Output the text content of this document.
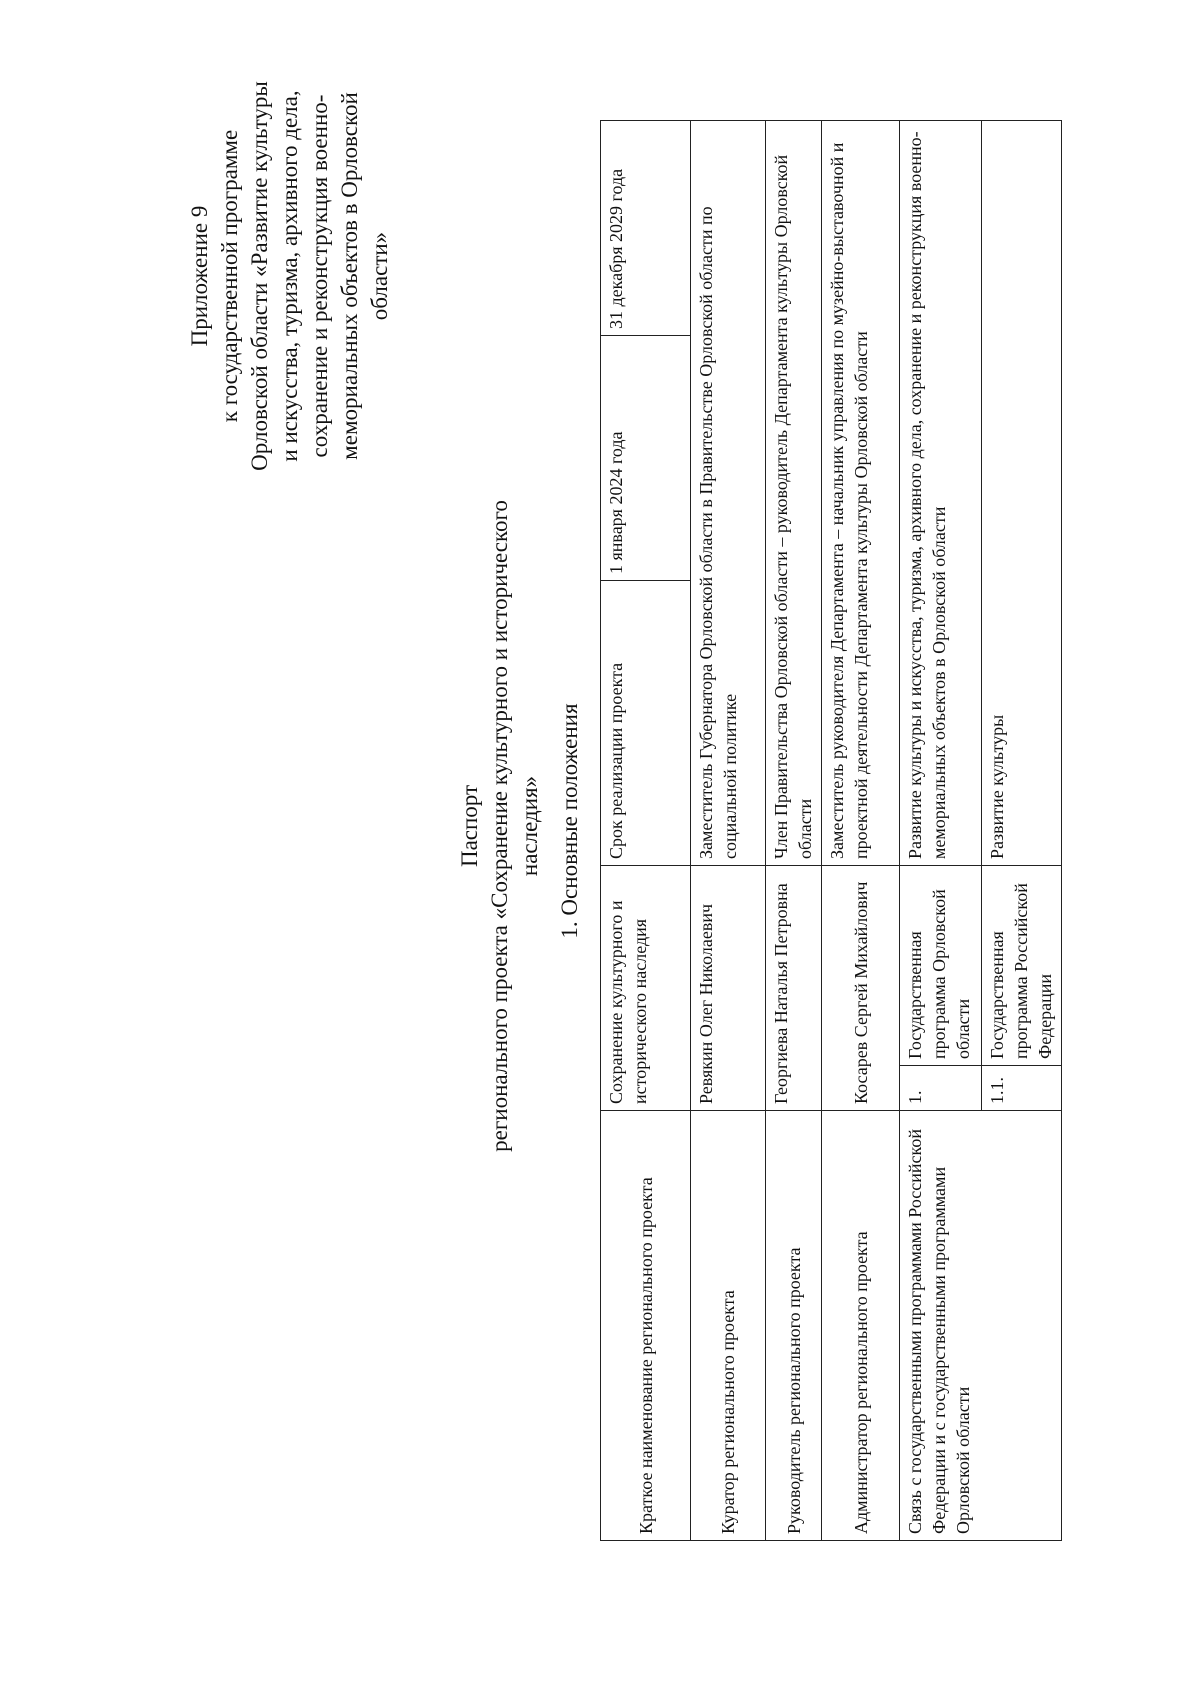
Приложение 9 к государственной программе Орловской области «Развитие культуры и искусства, туризма, архивного дела, сохранение и реконструкция военно- мемориальных объектов в Орловской области»
Паспорт регионального проекта «Сохранение культурного и исторического наследия» 1. Основные положения
Краткое наименование регионального проекта	Сохранение культурного и исторического наследия		Срок реализации проекта	1 января 2024 года	31 декабря 2029 года
Куратор регионального проекта	Ревякин Олег Николаевич		Заместитель Губернатора Орловской области в Правительстве Орловской области по социальной политике		
Руководитель регионального проекта	Георгиева Наталья Петровна		Член Правительства Орловской области – руководитель Департамента культуры Орловской области		
Администратор регионального проекта	Косарев Сергей Михайлович		Заместитель руководителя Департамента – начальник управления по музейно-выставочной и проектной деятельности Департамента культуры Орловской области		
Связь с государственными программами Российской Федерации и с государственными программами Орловской области	1.	Государственная программа Орловской области	Развитие культуры и искусства, туризма, архивного дела, сохранение и реконструкция военно-мемориальных объектов в Орловской области		
	1.1.	Государственная программа Российской Федерации	Развитие культуры		
